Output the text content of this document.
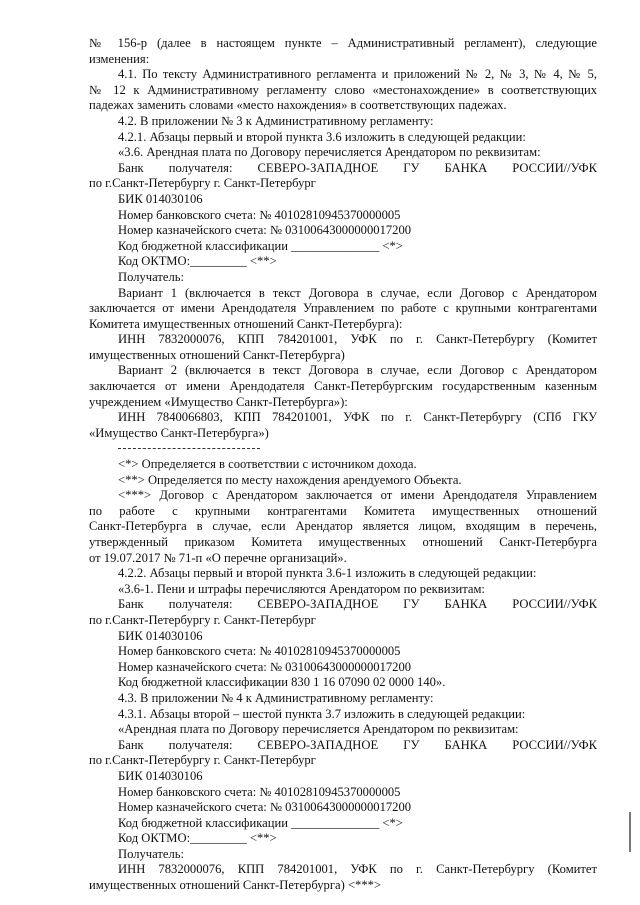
№ 156-р (далее в настоящем пункте – Административный регламент), следующие
изменения:
4.1. По тексту Административного регламента и приложений № 2, № 3, № 4, № 5,
№ 12 к Административному регламенту слово «местонахождение» в соответствующих
падежах заменить словами «место нахождения» в соответствующих падежах.
4.2. В приложении № 3 к Административному регламенту:
4.2.1. Абзацы первый и второй пункта 3.6 изложить в следующей редакции:
«3.6. Арендная плата по Договору перечисляется Арендатором по реквизитам:
Банк получателя: СЕВЕРО-ЗАПАДНОЕ ГУ БАНКА РОССИИ//УФК
по г.Санкт-Петербургу г. Санкт-Петербург
БИК 014030106
Номер банковского счета: № 40102810945370000005
Номер казначейского счета: № 03100643000000017200
Код бюджетной классификации ______________ <*>
Код ОКТМО:_________ <**>
Получатель:
Вариант 1 (включается в текст Договора в случае, если Договор с Арендатором
заключается от имени Арендодателя Управлением по работе с крупными контрагентами
Комитета имущественных отношений Санкт-Петербурга):
ИНН 7832000076, КПП 784201001, УФК по г. Санкт-Петербургу (Комитет
имущественных отношений Санкт-Петербурга)
Вариант 2 (включается в текст Договора в случае, если Договор с Арендатором
заключается от имени Арендодателя Санкт-Петербургским государственным казенным
учреждением «Имущество Санкт-Петербурга»):
ИНН 7840066803, КПП 784201001, УФК по г. Санкт-Петербургу (СПб ГКУ
«Имущество Санкт-Петербурга»)
<*> Определяется в соответствии с источником дохода.
<**> Определяется по месту нахождения арендуемого Объекта.
<***> Договор с Арендатором заключается от имени Арендодателя Управлением
по работе с крупными контрагентами Комитета имущественных отношений
Санкт-Петербурга в случае, если Арендатор является лицом, входящим в перечень,
утвержденный приказом Комитета имущественных отношений Санкт-Петербурга
от 19.07.2017 № 71-п «О перечне организаций».
4.2.2. Абзацы первый и второй пункта 3.6-1 изложить в следующей редакции:
«3.6-1. Пени и штрафы перечисляются Арендатором по реквизитам:
Банк получателя: СЕВЕРО-ЗАПАДНОЕ ГУ БАНКА РОССИИ//УФК
по г.Санкт-Петербургу г. Санкт-Петербург
БИК 014030106
Номер банковского счета: № 40102810945370000005
Номер казначейского счета: № 03100643000000017200
Код бюджетной классификации 830 1 16 07090 02 0000 140».
4.3. В приложении № 4 к Административному регламенту:
4.3.1. Абзацы второй – шестой пункта 3.7 изложить в следующей редакции:
«Арендная плата по Договору перечисляется Арендатором по реквизитам:
Банк получателя: СЕВЕРО-ЗАПАДНОЕ ГУ БАНКА РОССИИ//УФК
по г.Санкт-Петербургу г. Санкт-Петербург
БИК 014030106
Номер банковского счета: № 40102810945370000005
Номер казначейского счета: № 03100643000000017200
Код бюджетной классификации ______________ <*>
Код ОКТМО:_________ <**>
Получатель:
ИНН 7832000076, КПП 784201001, УФК по г. Санкт-Петербургу (Комитет
имущественных отношений Санкт-Петербурга) <***>
